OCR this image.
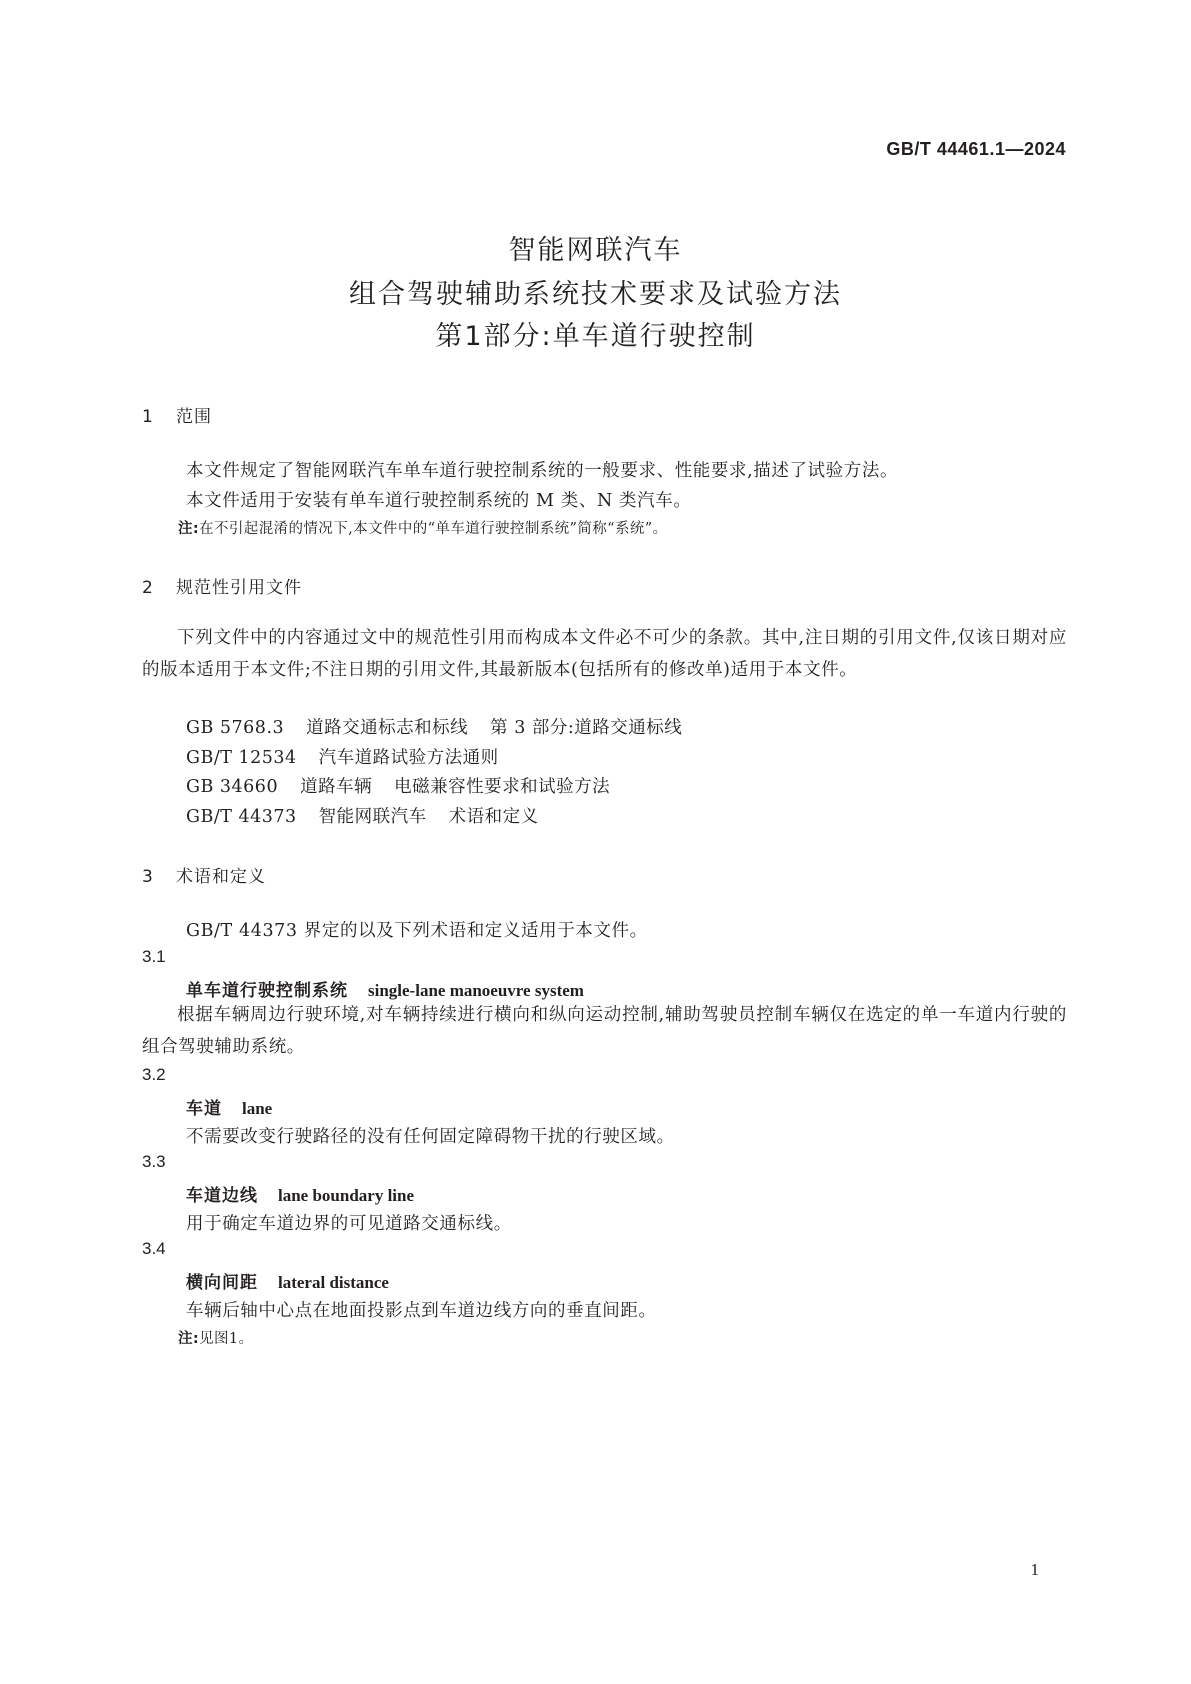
GB/T 44461.1—2024
智能网联汽车
组合驾驶辅助系统技术要求及试验方法
第1部分:单车道行驶控制
1 范围
本文件规定了智能网联汽车单车道行驶控制系统的一般要求、性能要求,描述了试验方法。
本文件适用于安装有单车道行驶控制系统的 M 类、N 类汽车。
注:在不引起混淆的情况下,本文件中的“单车道行驶控制系统”简称“系统”。
2 规范性引用文件
下列文件中的内容通过文中的规范性引用而构成本文件必不可少的条款。其中,注日期的引用文件,仅该日期对应的版本适用于本文件;不注日期的引用文件,其最新版本(包括所有的修改单)适用于本文件。
GB 5768.3 道路交通标志和标线 第 3 部分:道路交通标线
GB/T 12534 汽车道路试验方法通则
GB 34660 道路车辆 电磁兼容性要求和试验方法
GB/T 44373 智能网联汽车 术语和定义
3 术语和定义
GB/T 44373 界定的以及下列术语和定义适用于本文件。
3.1
单车道行驶控制系统 single-lane manoeuvre system
根据车辆周边行驶环境,对车辆持续进行横向和纵向运动控制,辅助驾驶员控制车辆仅在选定的单一车道内行驶的组合驾驶辅助系统。
3.2
车道 lane
不需要改变行驶路径的没有任何固定障碍物干扰的行驶区域。
3.3
车道边线 lane boundary line
用于确定车道边界的可见道路交通标线。
3.4
横向间距 lateral distance
车辆后轴中心点在地面投影点到车道边线方向的垂直间距。
注:见图1。
1
